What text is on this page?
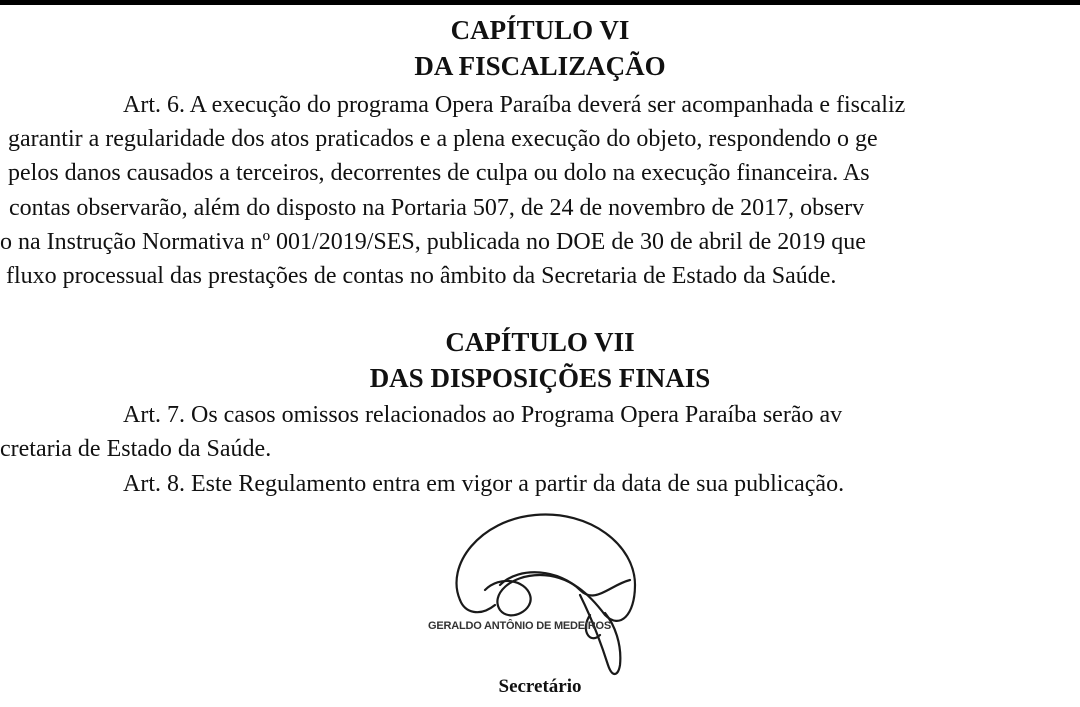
CAPÍTULO VI
DA FISCALIZAÇÃO
Art. 6. A execução do programa Opera Paraíba deverá ser acompanhada e fiscaliz
garantir a regularidade dos atos praticados e a plena execução do objeto, respondendo o ge
pelos danos causados a terceiros, decorrentes de culpa ou dolo na execução financeira. As
contas observarão, além do disposto na Portaria 507, de 24 de novembro de 2017, observ
o na Instrução Normativa nº 001/2019/SES, publicada no DOE de 30 de abril de 2019 que
fluxo processual das prestações de contas no âmbito da Secretaria de Estado da Saúde.
CAPÍTULO VII
DAS DISPOSIÇÕES FINAIS
Art. 7. Os casos omissos relacionados ao Programa Opera Paraíba serão av
cretaria de Estado da Saúde.
Art. 8. Este Regulamento entra em vigor a partir da data de sua publicação.
GERALDO ANTÔNIO DE MEDEIROS
Secretário
